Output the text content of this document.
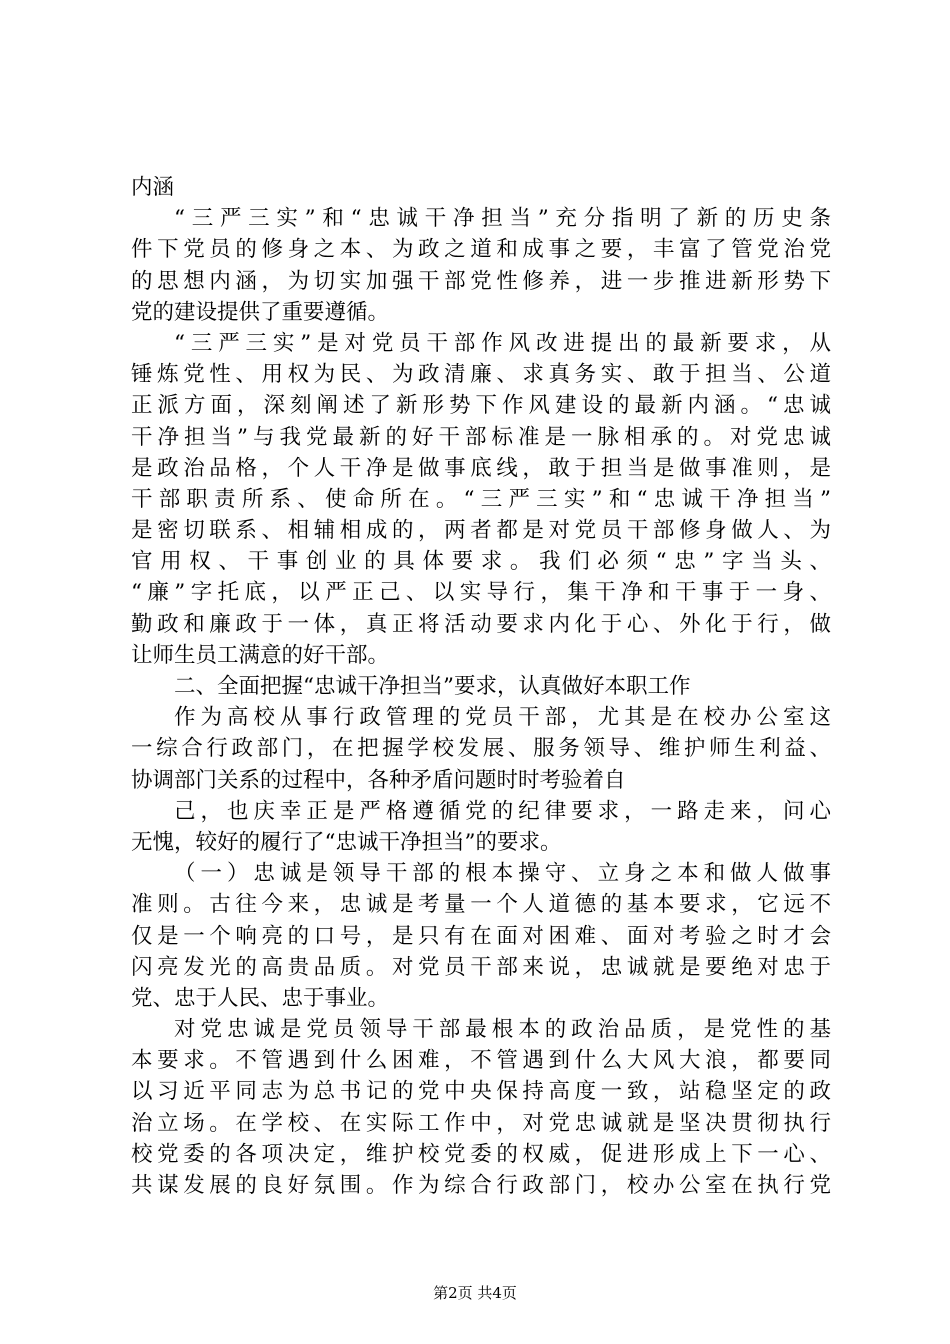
内涵
“三严三实”和“忠诚干净担当”充分指明了新的历史条
件下党员的修身之本、为政之道和成事之要，丰富了管党治党
的思想内涵，为切实加强干部党性修养，进一步推进新形势下
党的建设提供了重要遵循。
“三严三实”是对党员干部作风改进提出的最新要求，从
锤炼党性、用权为民、为政清廉、求真务实、敢于担当、公道
正派方面，深刻阐述了新形势下作风建设的最新内涵。“忠诚
干净担当”与我党最新的好干部标准是一脉相承的。对党忠诚
是政治品格，个人干净是做事底线，敢于担当是做事准则，是
干部职责所系、使命所在。“三严三实”和“忠诚干净担当”
是密切联系、相辅相成的，两者都是对党员干部修身做人、为
官用权、干事创业的具体要求。我们必须“忠”字当头、
“廉”字托底，以严正己、以实导行，集干净和干事于一身、
勤政和廉政于一体，真正将活动要求内化于心、外化于行，做
让师生员工满意的好干部。
二、全面把握“忠诚干净担当”要求，认真做好本职工作
作为高校从事行政管理的党员干部，尤其是在校办公室这
一综合行政部门，在把握学校发展、服务领导、维护师生利益、
协调部门关系的过程中，各种矛盾问题时时考验着自
己，也庆幸正是严格遵循党的纪律要求，一路走来，问心
无愧，较好的履行了“忠诚干净担当”的要求。
（一）忠诚是领导干部的根本操守、立身之本和做人做事
准则。古往今来，忠诚是考量一个人道德的基本要求，它远不
仅是一个响亮的口号，是只有在面对困难、面对考验之时才会
闪亮发光的高贵品质。对党员干部来说，忠诚就是要绝对忠于
党、忠于人民、忠于事业。
对党忠诚是党员领导干部最根本的政治品质，是党性的基
本要求。不管遇到什么困难，不管遇到什么大风大浪，都要同
以习近平同志为总书记的党中央保持高度一致，站稳坚定的政
治立场。在学校、在实际工作中，对党忠诚就是坚决贯彻执行
校党委的各项决定，维护校党委的权威，促进形成上下一心、
共谋发展的良好氛围。作为综合行政部门，校办公室在执行党
第2页 共4页
